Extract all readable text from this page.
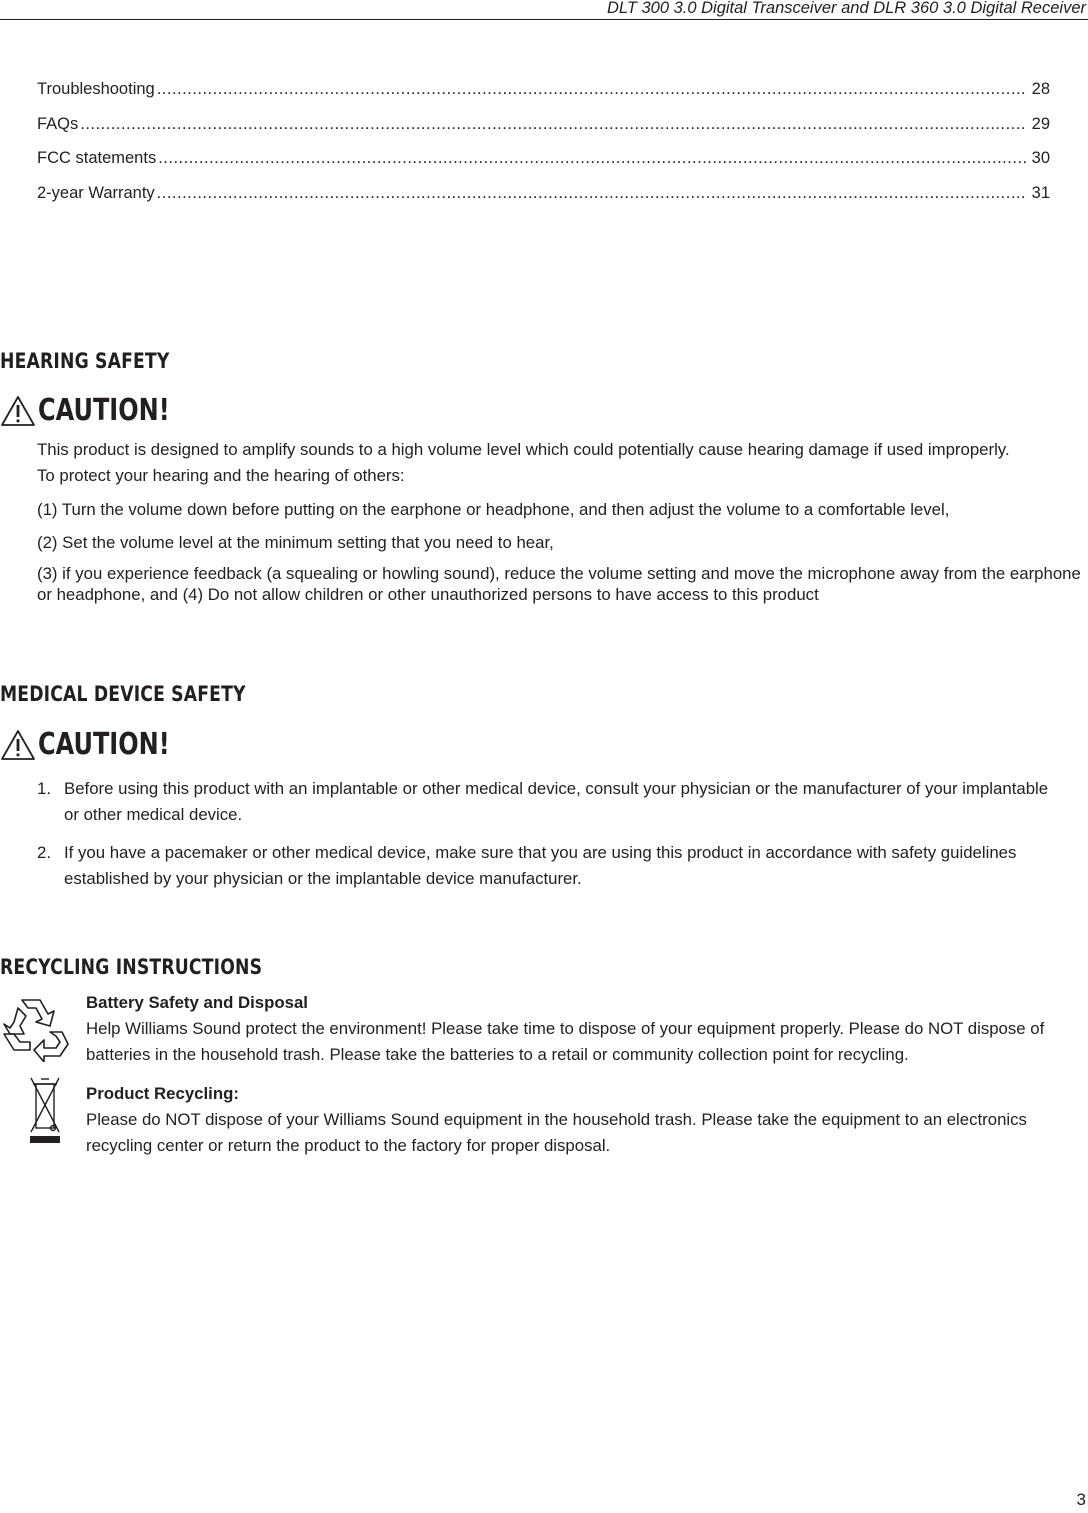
DLT 300 3.0 Digital Transceiver and DLR 360 3.0 Digital Receiver
Troubleshooting .....	28
FAQs .....	29
FCC statements .....	30
2-year Warranty .....	31
HEARING SAFETY
CAUTION!

This product is designed to amplify sounds to a high volume level which could potentially cause hearing damage if used improperly. To protect your hearing and the hearing of others:

(1) Turn the volume down before putting on the earphone or headphone, and then adjust the volume to a comfortable level,

(2) Set the volume level at the minimum setting that you need to hear,

(3) if you experience feedback (a squealing or howling sound), reduce the volume setting and move the microphone away from the earphone or headphone, and (4) Do not allow children or other unauthorized persons to have access to this product

MEDICAL DEVICE SAFETY
CAUTION!
1. Before using this product with an implantable or other medical device, consult your physician or the manufacturer of your implantable or other medical device.
2. If you have a pacemaker or other medical device, make sure that you are using this product in accordance with safety guidelines established by your physician or the implantable device manufacturer.
RECYCLING INSTRUCTIONS
Battery Safety and Disposal
Help Williams Sound protect the environment! Please take time to dispose of your equipment properly. Please do NOT dispose of batteries in the household trash. Please take the batteries to a retail or community collection point for recycling.
Product Recycling:
Please do NOT dispose of your Williams Sound equipment in the household trash. Please take the equipment to an electronics recycling center or return the product to the factory for proper disposal.
3
